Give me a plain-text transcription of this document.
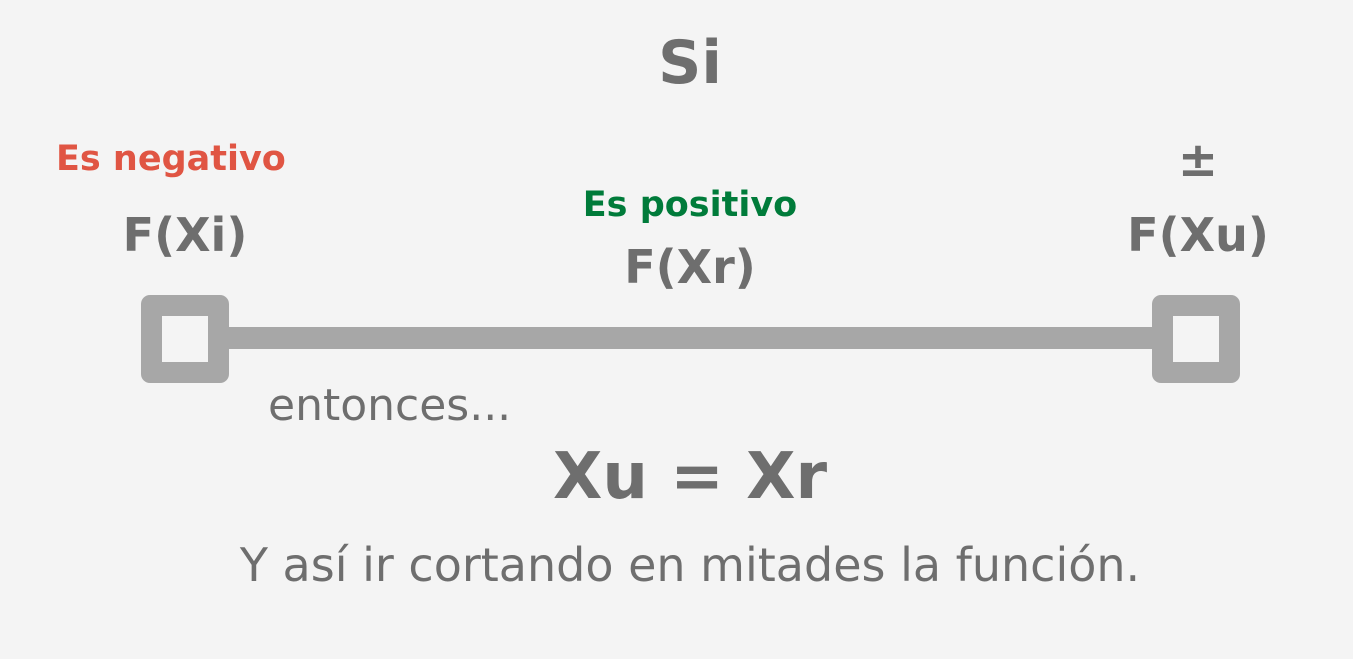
Si
Es negativo
Es positivo
±
F(Xi)
F(Xr)
F(Xu)
entonces...
Xu = Xr
Y así ir cortando en mitades la función.
